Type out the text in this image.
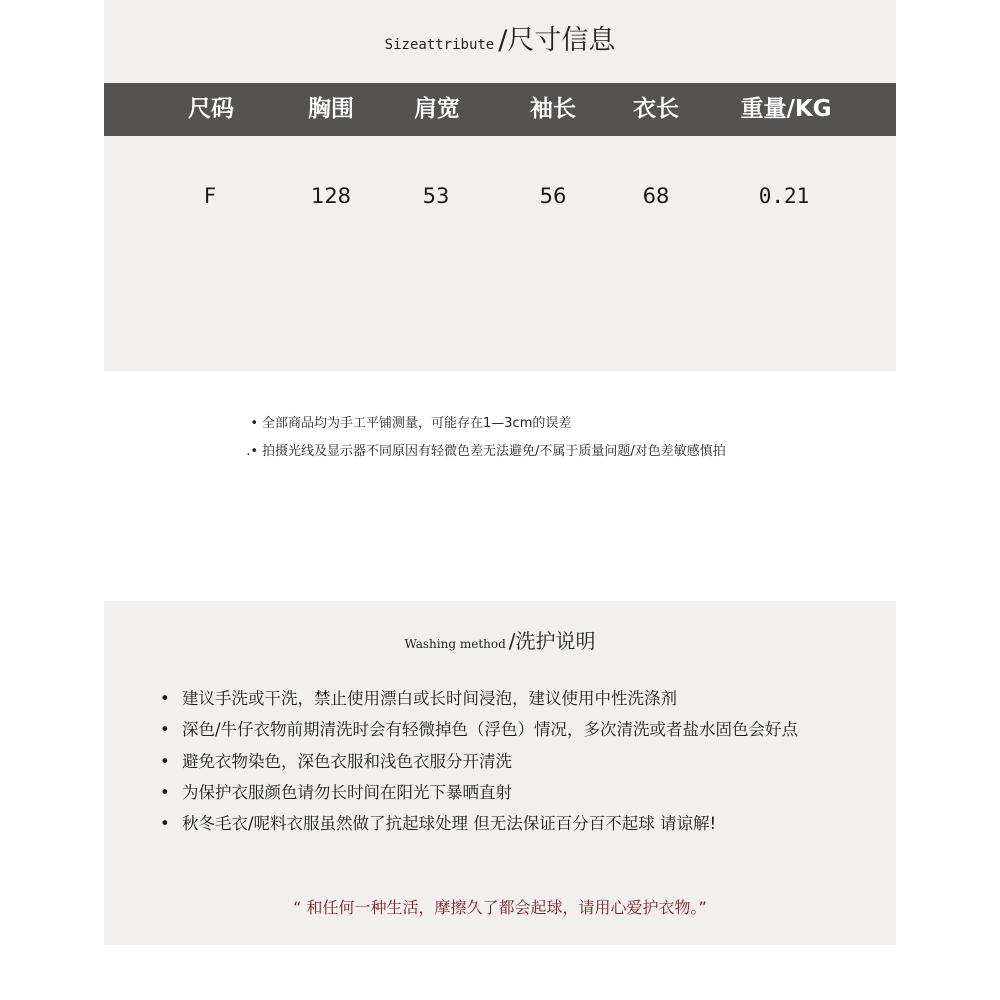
Sizeattribute /尺寸信息
尺码	胸围	肩宽	袖长 衣长	重量/KG
F	128	53	56	68	0.21
• 全部商品均为手工平铺测量，可能存在1—3cm的误差
.• 拍摄光线及显示器不同原因有轻微色差无法避免/不属于质量问题/对色差敏感慎拍
Washing method /洗护说明
• 建议手洗或干洗，禁止使用漂白或长时间浸泡，建议使用中性洗涤剂
• 深色/牛仔衣物前期清洗时会有轻微掉色（浮色）情况，多次清洗或者盐水固色会好点
• 避免衣物染色，深色衣服和浅色衣服分开清洗
• 为保护衣服颜色请勿长时间在阳光下暴晒直射
• 秋冬毛衣/呢料衣服虽然做了抗起球处理 但无法保证百分百不起球 请谅解!
“ 和任何一种生活，摩擦久了都会起球，请用心爱护衣物。”
